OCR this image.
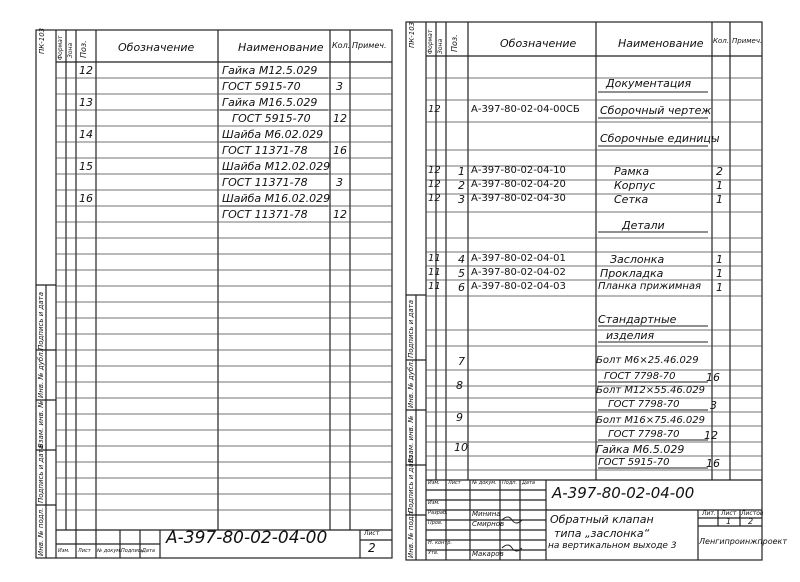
ПК-103 Формат Зона Поз.	Обозначение	Наименование Кол. Примеч.
12	Гайка М12.5.029
ГОСТ 5915-70	3
13	Гайка М16.5.029
ГОСТ 5915-70 12
14	Шайба М6.02.029
ГОСТ 11371-78 16
15	Шайба М12.02.029
ГОСТ 11371-78	3
16	Шайба М16.02.029
ГОСТ 11371-78 12
Подпись и дата
Инв. № дубл.
Взам. инв. №
Подпись и дата
Инв. № подл.	А-397-80-02-04-00	Лист
2
Изм. Лист № докум. Подпись
Дата
ПК-103 Формат Зона Поз.	Обозначение	Наименование Кол. Примеч.
Документация
12	А-397-80-02-04-00СБ Сборочный чертеж
Сборочные единицы
12 1 А-397-80-02-04-10	Рамка	2
12 2 А-397-80-02-04-20	Корпус	1
12 3 А-397-80-02-04-30	Сетка	1
Детали
11 4 А-397-80-02-04-01	Заслонка	1
11 5 А-397-80-02-04-02	Прокладка	1
11 6 А-397-80-02-04-03	Планка прижимная 1
Стандартные
изделия
7	Болт М6×25.46.029
ГОСТ 7798-70	16
8	Болт М12×55.46.029
ГОСТ 7798-70	3
9	Болт М16×75.46.029
ГОСТ 7798-70 12
10	Гайка М6.5.029
ГОСТ 5915-70	16
Подпись и дата
Инв. № дубл.
Взам. инв. №
Подпись и дата
Инв. № подл.
А-397-80-02-04-00
Обратный клапан
типа „заслонка“
на вертикальном выходе 3
Лит. Лист Листов
1 2
Ленгипроинжпроект
Изм.
Разраб.
Пров.
Н. контр.
Утв.
Минина
Смирнов
Макаров
Изм. Лист № докум. Подп. Дата
